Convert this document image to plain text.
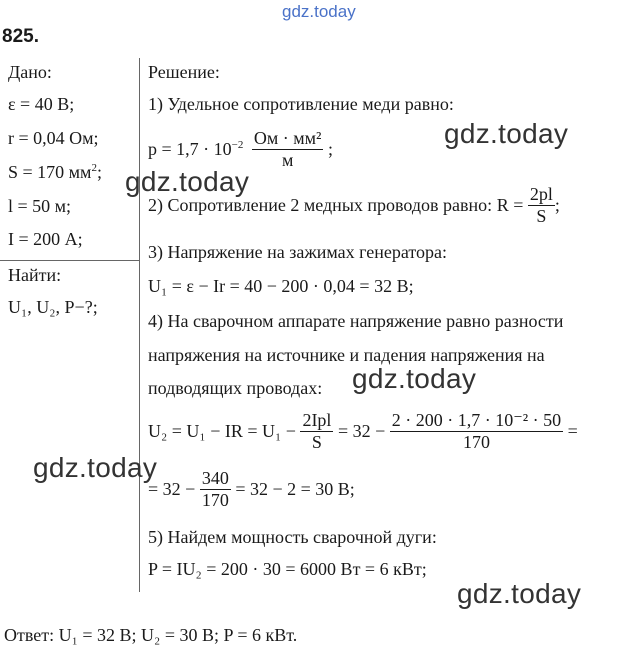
gdz.today
825.
Дано:
ε = 40 В;
r = 0,04 Ом;
S = 170 $мм^2$;
l = 50 м;
I = 200 А;
Найти:
U₁, U₂, P−?;
Решение:
1) Удельное сопротивление меди равно:
$p = 1,7 \cdot 10^{-2} \frac{\text{Ом · мм²}}{м}$ ;
2) Сопротивление 2 медных проводов равно: $R = \frac{2pl}{S}$ ;
3) Напряжение на зажимах генератора:
U₁ = ε − Ir = 40 − 200 · 0,04 = 32 В;
4) На сварочном аппарате напряжение равно разности
напряжения на источнике и падения напряжения на
подводящих проводах:
U₂ = U₁ − IR = $U_1 - \frac{\text{2Ipl}}{S} = 32 - \frac{\text{2 · 200 · 1,7 · 10⁻² · 50}}{170}$ =
= $32 - \frac{340}{170} = 32 - 2 = 30$ В;
5) Найдем мощность сварочной дуги:
P = IU₂ = 200 · 30 = 6000 Вт = 6 кВт;
Ответ: U₁ = 32 В; U₂ = 30 В; P = 6 кВт.
gdz.today
gdz.today
gdz.today
gdz.today
gdz.today
